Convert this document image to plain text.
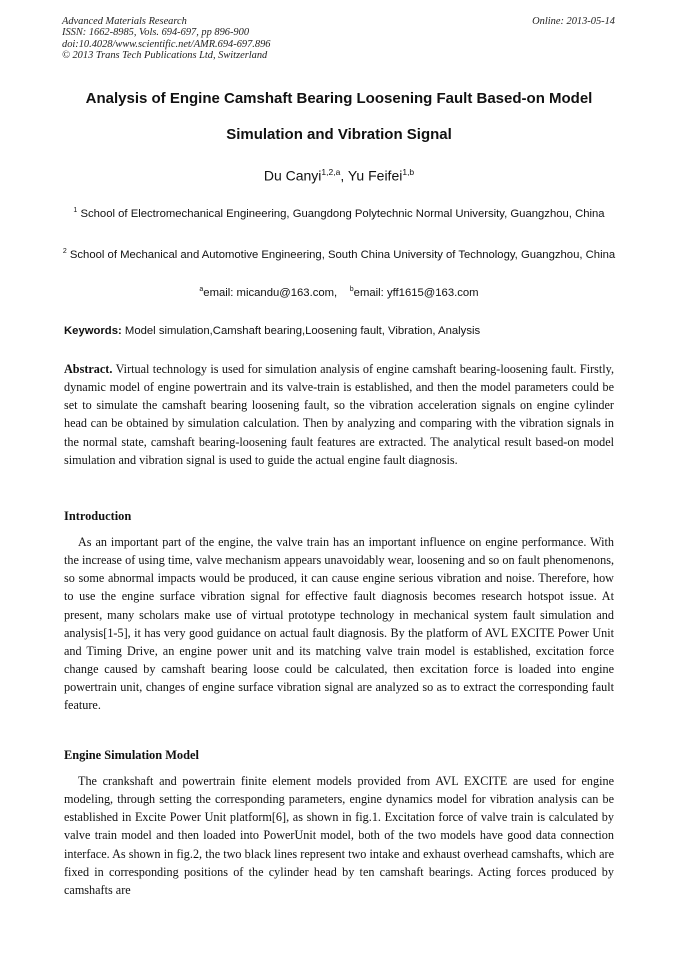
Advanced Materials Research
ISSN: 1662-8985, Vols. 694-697, pp 896-900
doi:10.4028/www.scientific.net/AMR.694-697.896
© 2013 Trans Tech Publications Ltd, Switzerland
Online: 2013-05-14
Analysis of Engine Camshaft Bearing Loosening Fault Based-on Model
Simulation and Vibration Signal
Du Canyi$^{1,2,a}$, Yu Feifei$^{1,b}$
$^1$ School of Electromechanical Engineering, Guangdong Polytechnic Normal University, Guangzhou, China
$^2$ School of Mechanical and Automotive Engineering, South China University of Technology, Guangzhou, China
$^a$email: micandu@163.com, $^b$email: yff1615@163.com
Keywords: Model simulation,Camshaft bearing,Loosening fault, Vibration, Analysis
Abstract. Virtual technology is used for simulation analysis of engine camshaft bearing-loosening fault. Firstly, dynamic model of engine powertrain and its valve-train is established, and then the model parameters could be set to simulate the camshaft bearing loosening fault, so the vibration acceleration signals on engine cylinder head can be obtained by simulation calculation. Then by analyzing and comparing with the vibration signals in the normal state, camshaft bearing-loosening fault features are extracted. The analytical result based-on model simulation and vibration signal is used to guide the actual engine fault diagnosis.
Introduction
As an important part of the engine, the valve train has an important influence on engine performance. With the increase of using time, valve mechanism appears unavoidably wear, loosening and so on fault phenomenons, so some abnormal impacts would be produced, it can cause engine serious vibration and noise. Therefore, how to use the engine surface vibration signal for effective fault diagnosis becomes research hotspot issue. At present, many scholars make use of virtual prototype technology in mechanical system fault simulation and analysis[1-5], it has very good guidance on actual fault diagnosis. By the platform of AVL EXCITE Power Unit and Timing Drive, an engine power unit and its matching valve train model is established, excitation force change caused by camshaft bearing loose could be calculated, then excitation force is loaded into engine powertrain unit, changes of engine surface vibration signal are analyzed so as to extract the corresponding fault feature.
Engine Simulation Model
The crankshaft and powertrain finite element models provided from AVL EXCITE are used for engine modeling, through setting the corresponding parameters, engine dynamics model for vibration analysis can be established in Excite Power Unit platform[6], as shown in fig.1. Excitation force of valve train is calculated by valve train model and then loaded into PowerUnit model, both of the two models have good data connection interface. As shown in fig.2, the two black lines represent two intake and exhaust overhead camshafts, which are fixed in corresponding positions of the cylinder head by ten camshaft bearings. Acting forces produced by camshafts are
